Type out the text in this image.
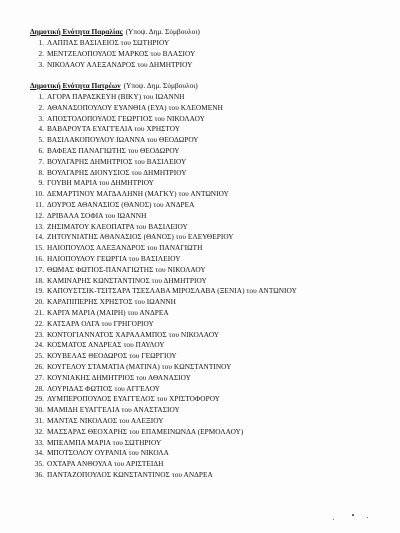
Δημοτική Ενότητα Παραλίας (Υποψ. Δημ. Σύμβουλοι)
1. ΛΑΠΠΑΣ ΒΑΣΙΛΕΙΟΣ του ΣΩΤΗΡΙΟΥ
2. ΜΕΝΤΖΕΛΟΠΟΥΛΟΣ ΜΑΡΚΟΣ του ΒΛΑΣΙΟΥ
3. ΝΙΚΟΛΑΟΥ ΑΛΕΞΑΝΔΡΟΣ του ΔΗΜΗΤΡΙΟΥ
Δημοτική Ενότητα Πατρέων (Υποψ. Δημ. Σύμβουλοι)
1. ΑΓΟΡΑ ΠΑΡΑΣΚΕΥΗ (ΒΙΚΥ) του ΙΩΑΝΝΗ
2. ΑΘΑΝΑΣΟΠΟΥΛΟΥ ΕΥΑΝΘΙΑ (ΕΥΑ) του ΚΛΕΟΜΕΝΗ
3. ΑΠΟΣΤΟΛΟΠΟΥΛΟΣ ΓΕΩΡΓΙΟΣ του ΝΙΚΟΛΑΟΥ
4. ΒΑΒΑΡΟΥΤΑ ΕΥΑΓΓΕΛΙΑ του ΧΡΗΣΤΟΥ
5. ΒΑΣΙΛΑΚΟΠΟΥΛΟΥ ΙΩΑΝΝΑ του ΘΕΟΔΩΡΟΥ
6. ΒΑΦΕΑΣ ΠΑΝΑΓΙΩΤΗΣ του ΘΕΟΔΩΡΟΥ
7. ΒΟΥΛΓΑΡΗΣ ΔΗΜΗΤΡΙΟΣ του ΒΑΣΙΛΕΙΟΥ
8. ΒΟΥΛΓΑΡΗΣ ΔΙΟΝΥΣΙΟΣ του ΔΗΜΗΤΡΙΟΥ
9. ΓΟΥΒΗ ΜΑΡΙΑ του ΔΗΜΗΤΡΙΟΥ
10. ΔΕΜΑΡΤΙΝΟΥ ΜΑΓΔΑΛΗΝΗ (ΜΑΓΚΥ) του ΑΝΤΩΝΙΟΥ
11. ΔΟΥΡΟΣ ΑΘΑΝΑΣΙΟΣ (ΘΑΝΟΣ) του ΑΝΔΡΕΑ
12. ΔΡΙΒΑΛΑ ΣΟΦΙΑ του ΙΩΑΝΝΗ
13. ΖΗΣΙΜΑΤΟΥ ΚΛΕΟΠΑΤΡΑ του ΒΑΣΙΛΕΙΟΥ
14. ΖΗΤΟΥΝΙΑΤΗΣ ΑΘΑΝΑΣΙΟΣ (ΘΑΝΟΣ) του ΕΛΕΥΘΕΡΙΟΥ
15. ΗΛΙΟΠΟΥΛΟΣ ΑΛΕΞΑΝΔΡΟΣ του ΠΑΝΑΓΙΩΤΗ
16. ΗΛΙΟΠΟΥΛΟΥ ΓΕΩΡΓΙΑ του ΒΑΣΙΛΕΙΟΥ
17. ΘΩΜΑΣ ΦΩΤΙΟΣ-ΠΑΝΑΓΙΩΤΗΣ του ΝΙΚΟΛΑΟΥ
18. ΚΑΜΙΝΑΡΗΣ ΚΩΝΣΤΑΝΤΙΝΟΣ του ΔΗΜΗΤΡΙΟΥ
19. ΚΑΠΟΥΣΤΣΙΚ-ΤΣΙΤΣΑΡΑ ΤΣΕΣΛΑΒΑ ΜΙΡΟΣΛΑΒΑ (ΞΕΝΙΑ) του ΑΝΤΩΝΙΟΥ
20. ΚΑΡΑΠΙΠΕΡΗΣ ΧΡΗΣΤΟΣ του ΙΩΑΝΝΗ
21. ΚΑΡΓΑ ΜΑΡΙΑ (ΜΑΙΡΗ) του ΑΝΔΡΕΑ
22. ΚΑΤΣΑΡΑ ΟΛΓΑ του ΓΡΗΓΟΡΙΟΥ
23. ΚΟΝΤΟΓΙΑΝΝΑΤΟΣ ΧΑΡΑΛΑΜΠΟΣ του ΝΙΚΟΛΑΟΥ
24. ΚΟΣΜΑΤΟΣ ΑΝΔΡΕΑΣ του ΠΑΥΛΟΥ
25. ΚΟΥΒΕΛΑΣ ΘΕΟΔΩΡΟΣ του ΓΕΩΡΓΙΟΥ
26. ΚΟΥΓΕΛΟΥ ΣΤΑΜΑΤΙΑ (ΜΑΤΙΝΑ) του ΚΩΝΣΤΑΝΤΙΝΟΥ
27. ΚΟΥΝΙΑΚΗΣ ΔΗΜΗΤΡΙΟΣ του ΑΘΑΝΑΣΙΟΥ
28. ΛΟΥΡΙΔΑΣ ΦΩΤΙΟΣ του ΑΓΓΕΛΟΥ
29. ΛΥΜΠΕΡΟΠΟΥΛΟΣ ΕΥΑΓΓΕΛΟΣ του ΧΡΙΣΤΟΦΟΡΟΥ
30. ΜΑΜΙΔΗ ΕΥΑΓΓΕΛΙΑ του ΑΝΑΣΤΑΣΙΟΥ
31. ΜΑΝΤΑΣ ΝΙΚΟΛΑΟΣ του ΑΛΕΞΙΟΥ
32. ΜΑΣΣΑΡΑΣ ΘΕΟΧΑΡΗΣ του ΕΠΑΜΕΙΝΩΝΔΑ (ΕΡΜΟΛΑΟΥ)
33. ΜΠΕΛΜΠΑ ΜΑΡΙΑ του ΣΩΤΗΡΙΟΥ
34. ΜΠΟΤΣΟΛΟΥ ΟΥΡΑΝΙΑ του ΝΙΚΟΛΑ
35. ΟΧΤΑΡΑ ΑΝΘΟΥΛΑ του ΑΡΙΣΤΕΙΔΗ
36. ΠΑΝΤΑΖΟΠΟΥΛΟΣ ΚΩΝΣΤΑΝΤΙΝΟΣ του ΑΝΔΡΕΑ
